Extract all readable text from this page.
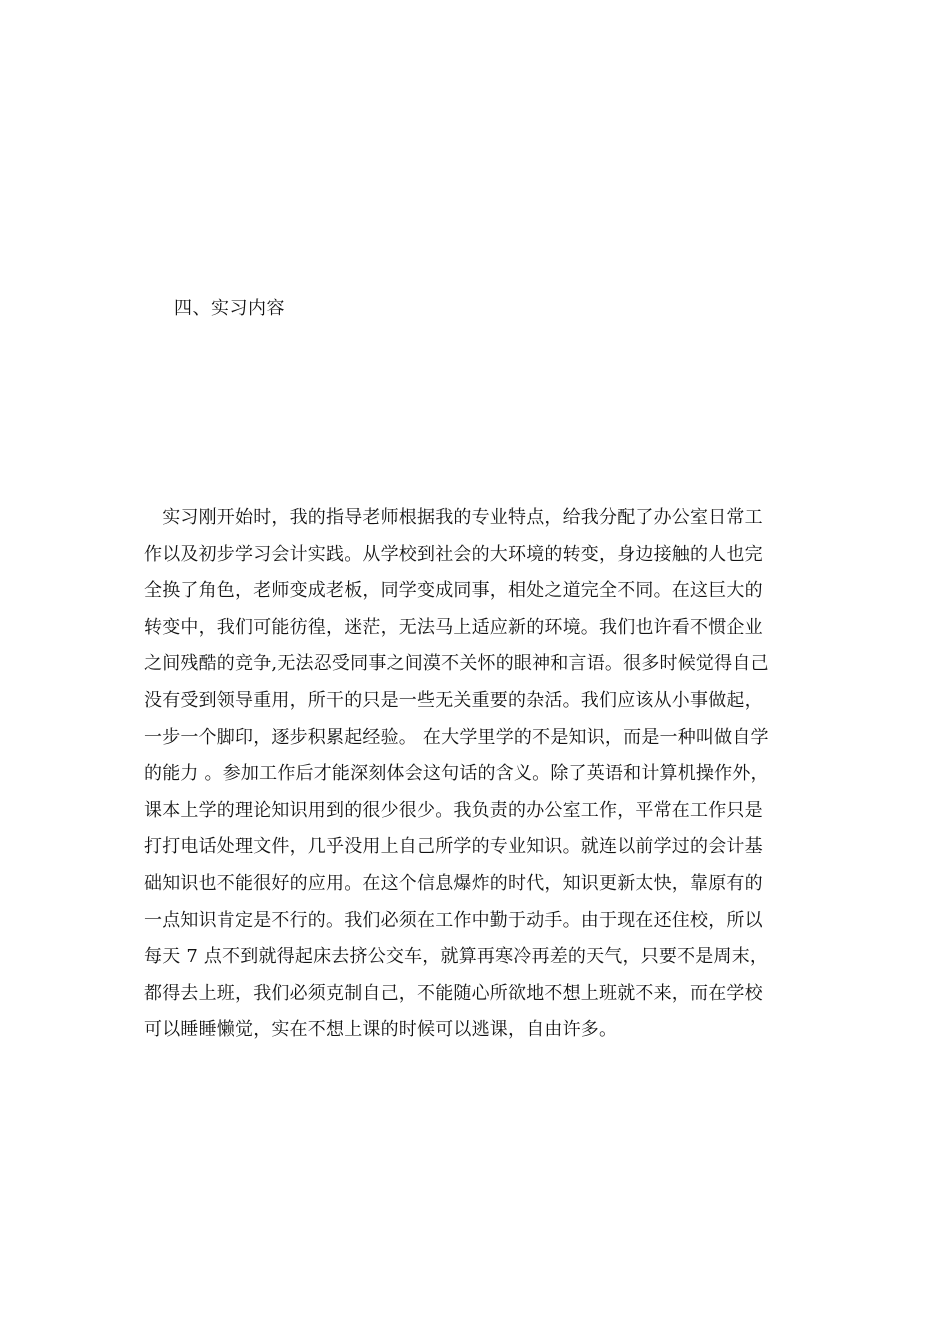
四、实习内容
　实习刚开始时，我的指导老师根据我的专业特点，给我分配了办公室日常工
作以及初步学习会计实践。从学校到社会的大环境的转变，身边接触的人也完
全换了角色，老师变成老板，同学变成同事，相处之道完全不同。在这巨大的
转变中，我们可能彷徨，迷茫，无法马上适应新的环境。我们也许看不惯企业
之间残酷的竞争,无法忍受同事之间漠不关怀的眼神和言语。很多时候觉得自己
没有受到领导重用，所干的只是一些无关重要的杂活。我们应该从小事做起，
一步一个脚印，逐步积累起经验。 在大学里学的不是知识，而是一种叫做自学
的能力 。参加工作后才能深刻体会这句话的含义。除了英语和计算机操作外，
课本上学的理论知识用到的很少很少。我负责的办公室工作，平常在工作只是
打打电话处理文件，几乎没用上自己所学的专业知识。就连以前学过的会计基
础知识也不能很好的应用。在这个信息爆炸的时代，知识更新太快，靠原有的
一点知识肯定是不行的。我们必须在工作中勤于动手。由于现在还住校，所以
每天 7 点不到就得起床去挤公交车，就算再寒冷再差的天气，只要不是周末，
都得去上班，我们必须克制自己，不能随心所欲地不想上班就不来，而在学校
可以睡睡懒觉，实在不想上课的时候可以逃课，自由许多。
